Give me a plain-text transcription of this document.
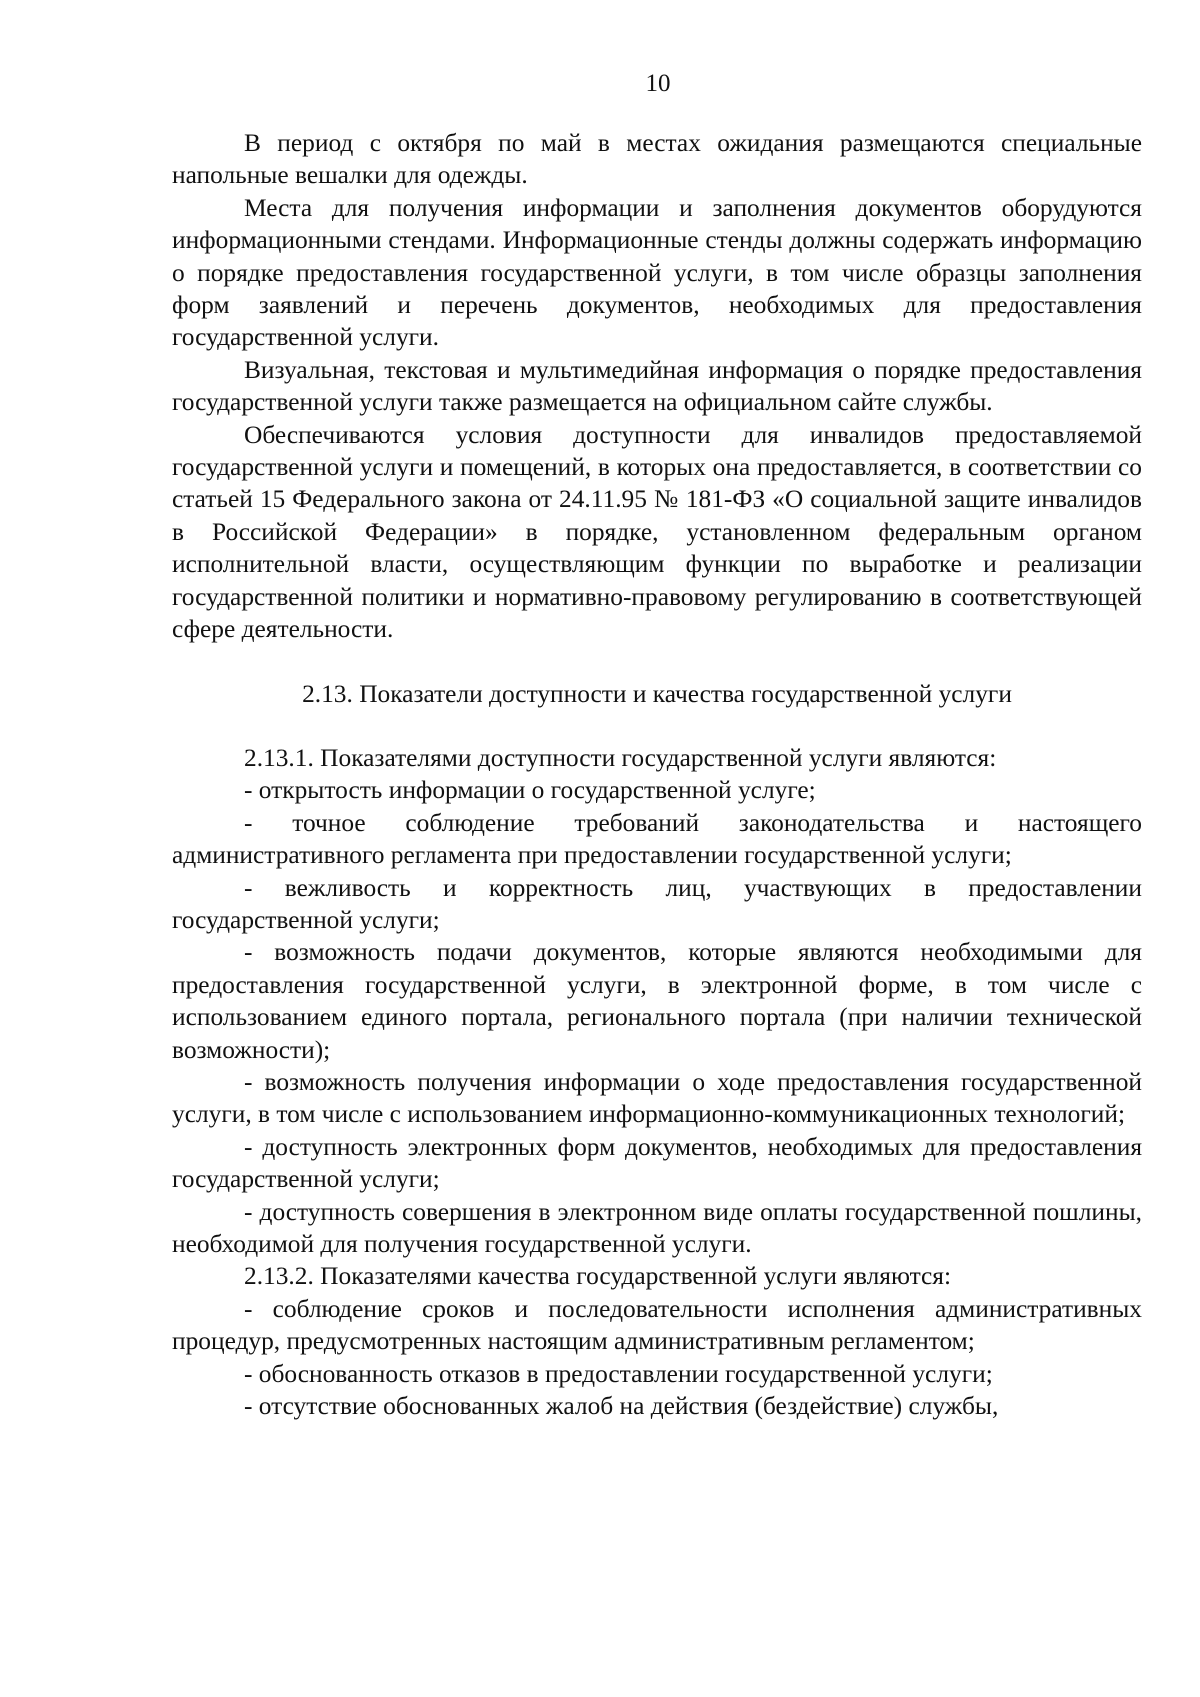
10

В период с октября по май в местах ожидания размещаются специальные напольные вешалки для одежды.

Места для получения информации и заполнения документов оборудуются информационными стендами. Информационные стенды должны содержать информацию о порядке предоставления государственной услуги, в том числе образцы заполнения форм заявлений и перечень документов, необходимых для предоставления государственной услуги.

Визуальная, текстовая и мультимедийная информация о порядке предоставления государственной услуги также размещается на официальном сайте службы.

Обеспечиваются условия доступности для инвалидов предоставляемой государственной услуги и помещений, в которых она предоставляется, в соответствии со статьей 15 Федерального закона от 24.11.95 № 181-ФЗ «О социальной защите инвалидов в Российской Федерации» в порядке, установленном федеральным органом исполнительной власти, осуществляющим функции по выработке и реализации государственной политики и нормативно-правовому регулированию в соответствующей сфере деятельности.

2.13. Показатели доступности и качества государственной услуги

2.13.1. Показателями доступности государственной услуги являются:

- открытость информации о государственной услуге;

- точное соблюдение требований законодательства и настоящего административного регламента при предоставлении государственной услуги;

- вежливость и корректность лиц, участвующих в предоставлении государственной услуги;

- возможность подачи документов, которые являются необходимыми для предоставления государственной услуги, в электронной форме, в том числе с использованием единого портала, регионального портала (при наличии технической возможности);

- возможность получения информации о ходе предоставления государственной услуги, в том числе с использованием информационно-коммуникационных технологий;

- доступность электронных форм документов, необходимых для предоставления государственной услуги;

- доступность совершения в электронном виде оплаты государственной пошлины, необходимой для получения государственной услуги.

2.13.2. Показателями качества государственной услуги являются:

- соблюдение сроков и последовательности исполнения административных процедур, предусмотренных настоящим административным регламентом;

- обоснованность отказов в предоставлении государственной услуги;

- отсутствие обоснованных жалоб на действия (бездействие) службы,
